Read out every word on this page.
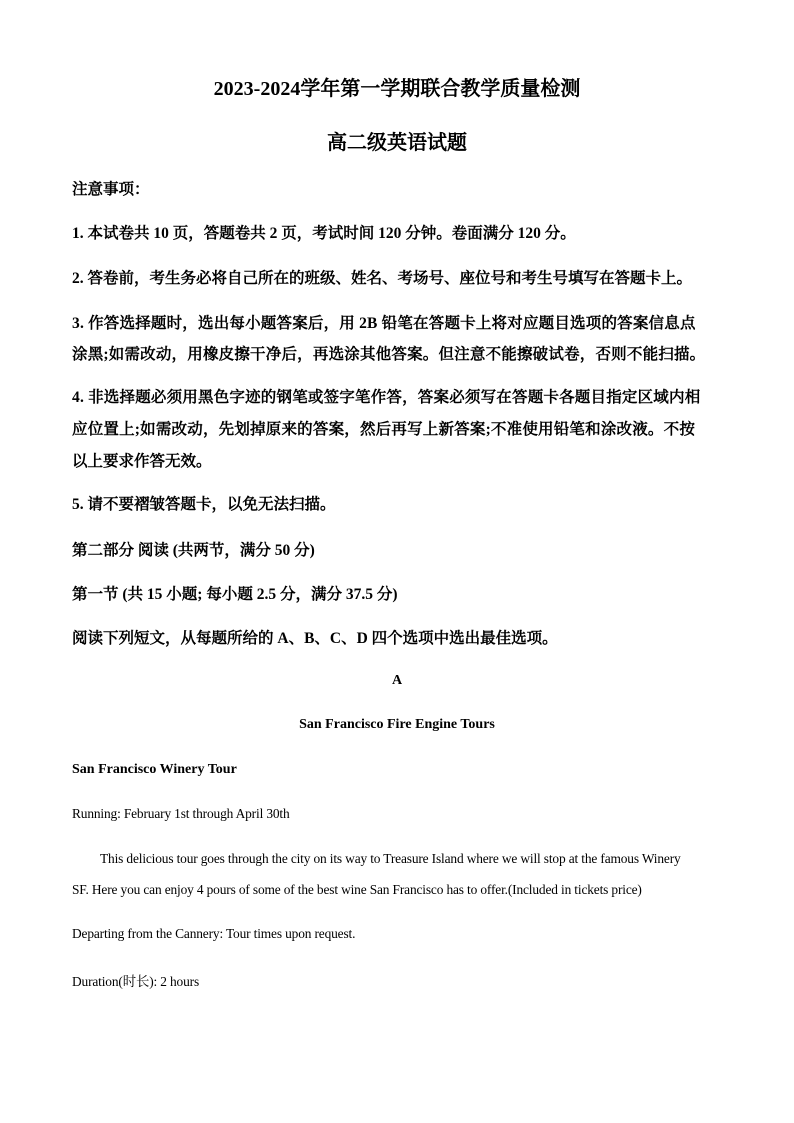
2023-2024学年第一学期联合教学质量检测
高二级英语试题
注意事项：
1. 本试卷共 10 页，答题卷共 2 页，考试时间 120 分钟。卷面满分 120 分。
2. 答卷前，考生务必将自己所在的班级、姓名、考场号、座位号和考生号填写在答题卡上。
3. 作答选择题时，选出每小题答案后，用 2B 铅笔在答题卡上将对应题目选项的答案信息点
涂黑;如需改动，用橡皮擦干净后，再选涂其他答案。但注意不能擦破试卷，否则不能扫描。
4. 非选择题必须用黑色字迹的钢笔或签字笔作答，答案必须写在答题卡各题目指定区域内相
应位置上;如需改动，先划掉原来的答案，然后再写上新答案;不准使用铅笔和涂改液。不按
以上要求作答无效。
5. 请不要褶皱答题卡，以免无法扫描。
第二部分 阅读 (共两节，满分 50 分)
第一节 (共 15 小题; 每小题 2.5 分，满分 37.5 分)
阅读下列短文，从每题所给的 A、B、C、D 四个选项中选出最佳选项。
A
San Francisco Fire Engine Tours
San Francisco Winery Tour
Running: February 1st through April 30th
This delicious tour goes through the city on its way to Treasure Island where we will stop at the famous Winery
SF. Here you can enjoy 4 pours of some of the best wine San Francisco has to offer.(Included in tickets price)
Departing from the Cannery: Tour times upon request.
Duration(时长): 2 hours
